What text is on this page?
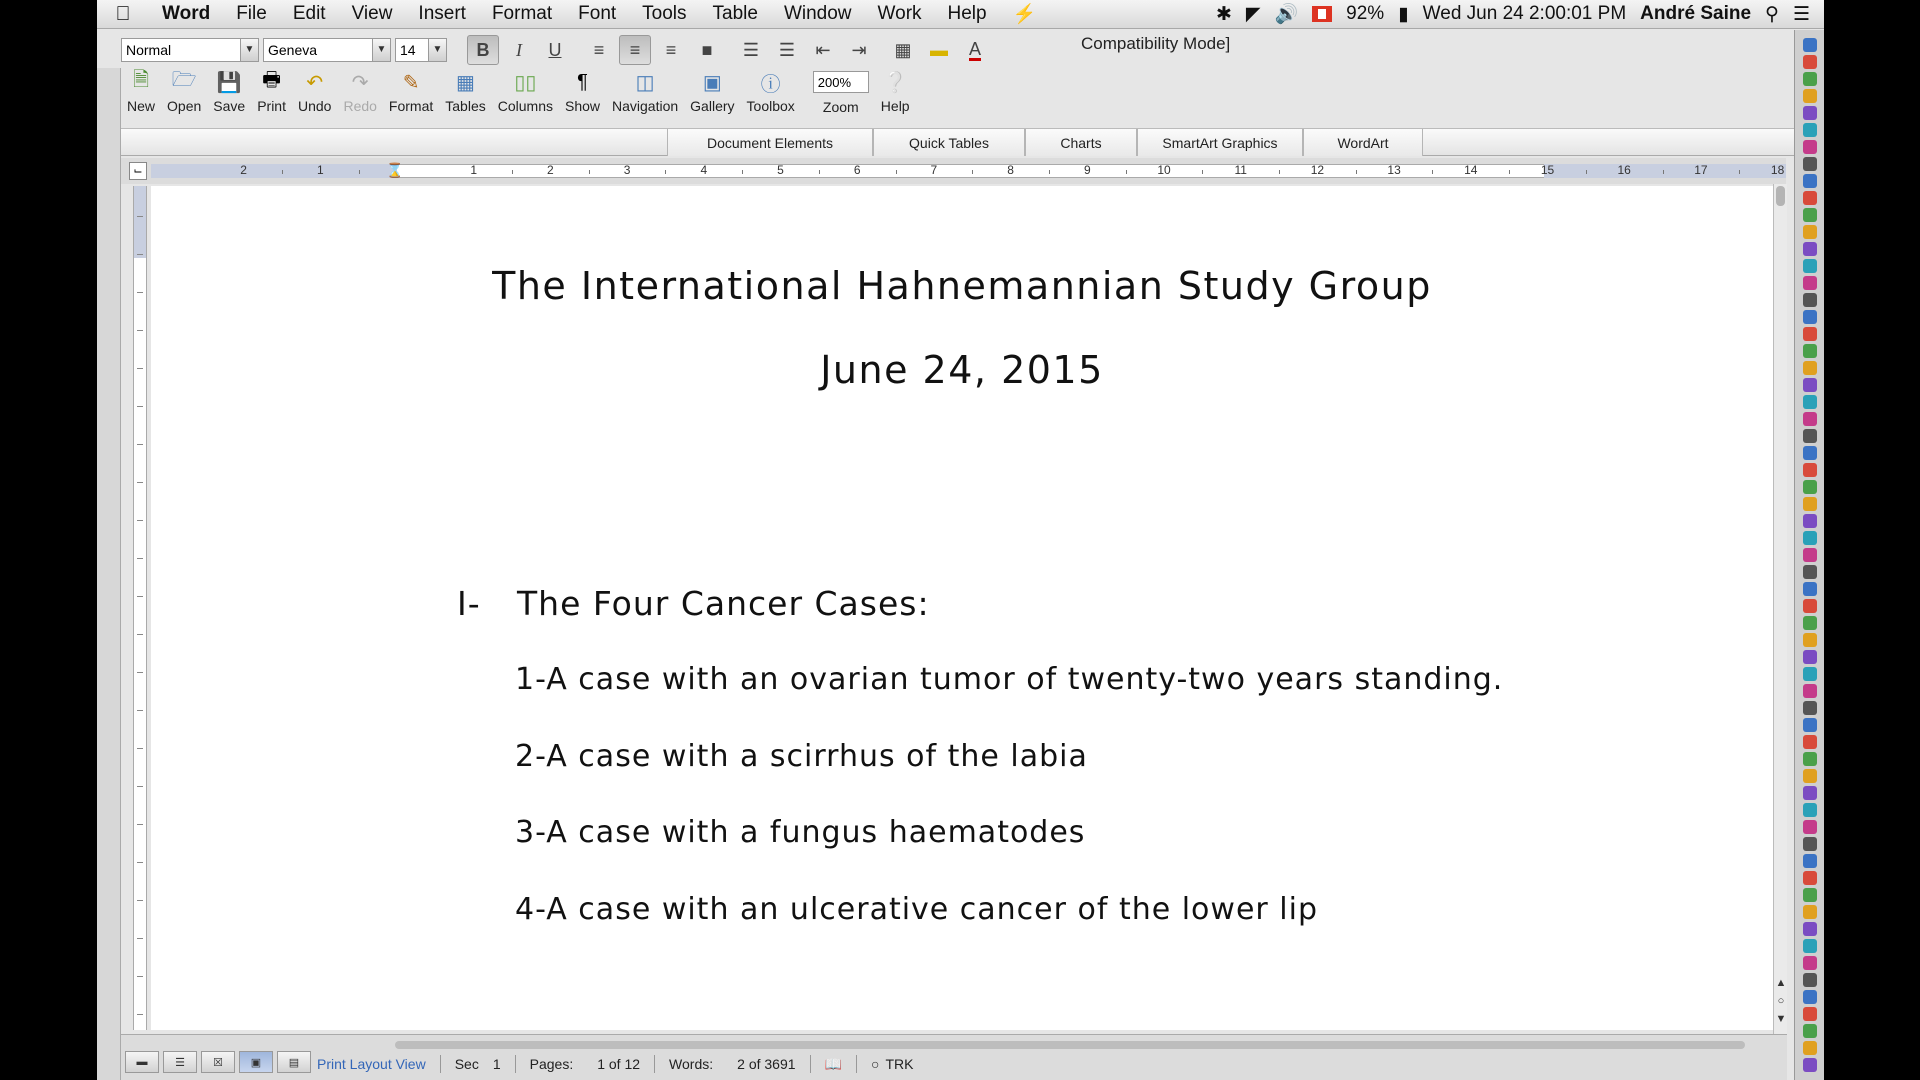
Word	File	Edit	View	Insert	Format	Font	Tools	Table	Window	Work	Help	⚡	✱ ◤ 🔊	92% ▮ Wed Jun 24 2:00:01 PM André Saine ⚲ ☰
Normal	▼ Geneva	▼ 14	▼ B I U ≡ ≡ ≡ ■ ☰ ☰ ⇤ ⇥ ▦ ▬ A	Compatibility Mode]
🗎
New
🗁
Open
💾
Save
🖶
Print
↶
Undo
↷
Redo
✎
Format
▦
Tables
▯▯
Columns
¶
Show
◫
Navigation
▣
Gallery
ⓘ
Toolbox
200%
Zoom
❔
Help
Document Elements	Quick Tables	Charts	SmartArt Graphics	WordArt
⌙	2	1	1	2	3	4	5	6	7	8	9	10	11	12	13	14	15	16	17	18
⌛
The International Hahnemannian Study Group
June 24, 2015
I- The Four Cancer Cases:
1-A case with an ovarian tumor of twenty-two years standing.
2-A case with a scirrhus of the labia
3-A case with a fungus haematodes
4-A case with an ulcerative cancer of the lower lip
▲
○
▼
▬	☰	☒	▣	▤ Print Layout View Sec 1 Pages: 1 of 12 Words: 2 of 3691 📖 ○ TRK
